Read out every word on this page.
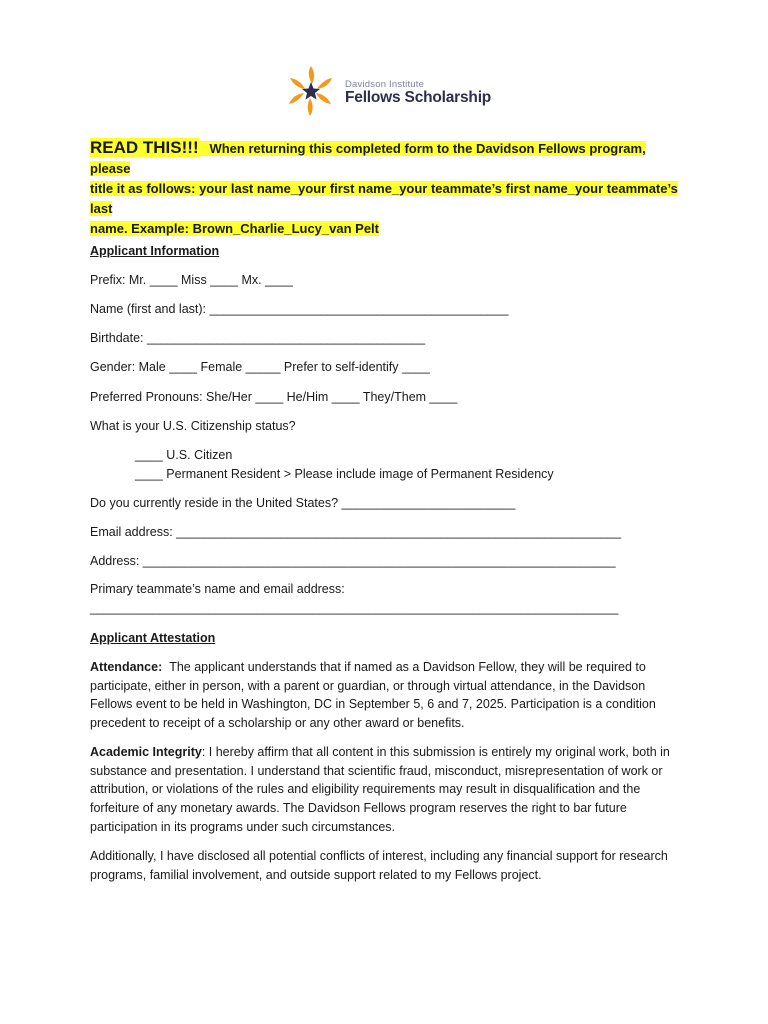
Davidson Institute
Fellows Scholarship
READ THIS!!! When returning this completed form to the Davidson Fellows program, please
title it as follows: your last name_your first name_your teammate’s first name_your teammate’s last
name. Example: Brown_Charlie_Lucy_van Pelt
Applicant Information
Prefix: Mr. ____ Miss ____ Mx. ____
Name (first and last): ___________________________________________
Birthdate: ________________________________________
Gender: Male ____ Female _____ Prefer to self-identify ____
Preferred Pronouns: She/Her ____ He/Him ____ They/Them ____
What is your U.S. Citizenship status?
____ U.S. Citizen
____ Permanent Resident > Please include image of Permanent Residency
Do you currently reside in the United States? _________________________
Email address: ________________________________________________________________
Address: ____________________________________________________________________
Primary teammate’s name and email address:
____________________________________________________________________________
Applicant Attestation
Attendance: The applicant understands that if named as a Davidson Fellow, they will be required to participate, either in person, with a parent or guardian, or through virtual attendance, in the Davidson Fellows event to be held in Washington, DC in September 5, 6 and 7, 2025. Participation is a condition precedent to receipt of a scholarship or any other award or benefits.
Academic Integrity: I hereby affirm that all content in this submission is entirely my original work, both in substance and presentation. I understand that scientific fraud, misconduct, misrepresentation of work or attribution, or violations of the rules and eligibility requirements may result in disqualification and the forfeiture of any monetary awards. The Davidson Fellows program reserves the right to bar future participation in its programs under such circumstances.
Additionally, I have disclosed all potential conflicts of interest, including any financial support for research programs, familial involvement, and outside support related to my Fellows project.
